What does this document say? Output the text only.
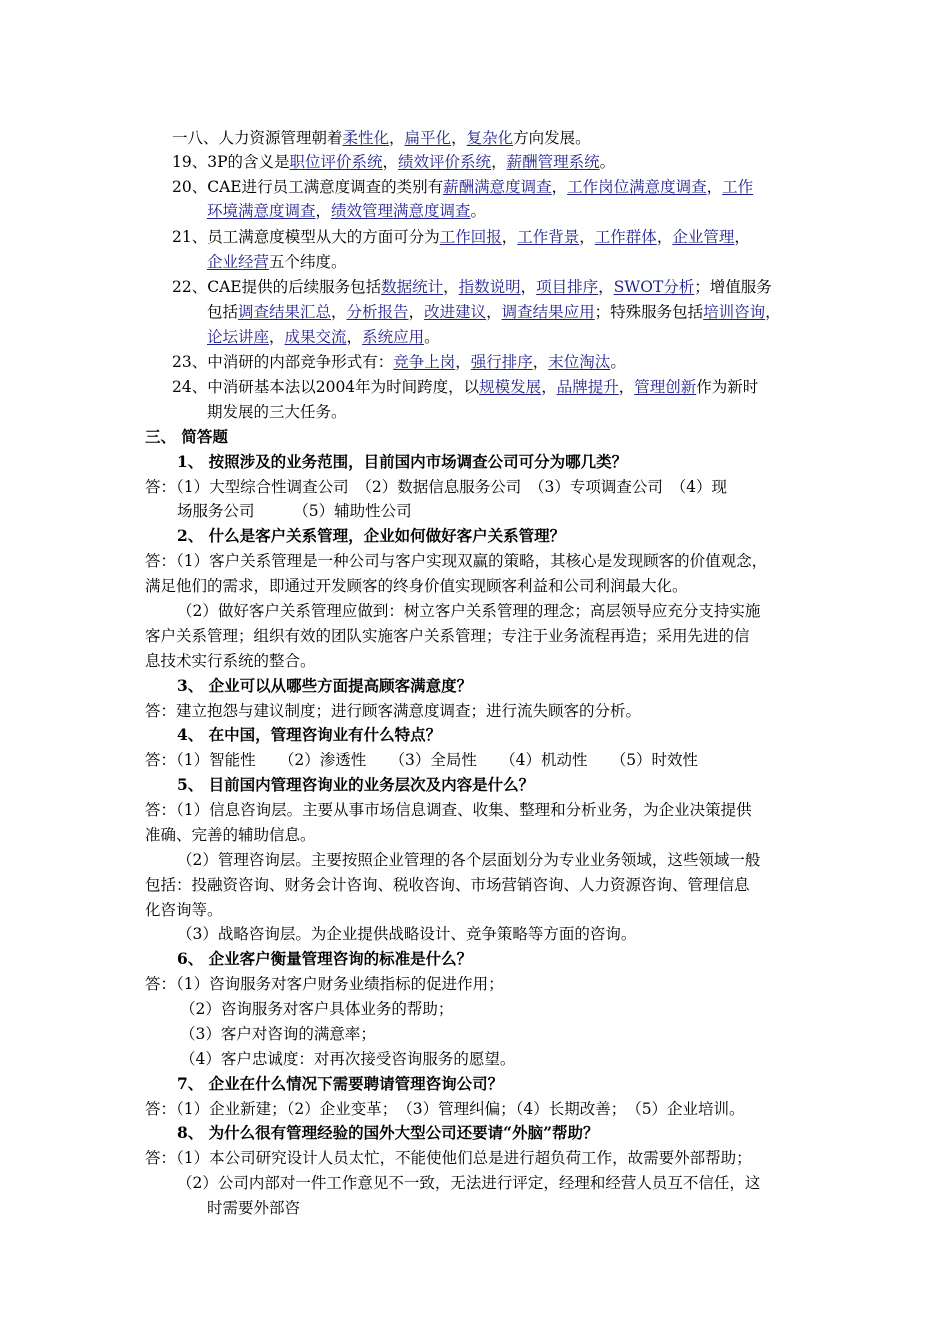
一八、人力资源管理朝着柔性化，扁平化，复杂化方向发展。
19、3P的含义是职位评价系统，绩效评价系统，薪酬管理系统。
20、CAE进行员工满意度调查的类别有薪酬满意度调查，工作岗位满意度调查，工作
环境满意度调查，绩效管理满意度调查。
21、员工满意度模型从大的方面可分为工作回报，工作背景，工作群体，企业管理，
企业经营五个纬度。
22、CAE提供的后续服务包括数据统计，指数说明，项目排序，SWOT分析；增值服务
包括调查结果汇总，分析报告，改进建议，调查结果应用；特殊服务包括培训咨询，
论坛讲座，成果交流，系统应用。
23、中消研的内部竞争形式有：竞争上岗，强行排序，末位淘汰。
24、中消研基本法以2004年为时间跨度，以规模发展，品牌提升，管理创新作为新时
期发展的三大任务。
三、 简答题
1、 按照涉及的业务范围，目前国内市场调查公司可分为哪几类？
答：（1）大型综合性调查公司　（2）数据信息服务公司　（3）专项调查公司　（4）现
场服务公司　　　（5）辅助性公司
2、 什么是客户关系管理，企业如何做好客户关系管理？
答：（1）客户关系管理是一种公司与客户实现双赢的策略，其核心是发现顾客的价值观念，
满足他们的需求，即通过开发顾客的终身价值实现顾客利益和公司利润最大化。
（2）做好客户关系管理应做到：树立客户关系管理的理念；高层领导应充分支持实施
客户关系管理；组织有效的团队实施客户关系管理；专注于业务流程再造；采用先进的信
息技术实行系统的整合。
3、 企业可以从哪些方面提高顾客满意度？
答：建立抱怨与建议制度；进行顾客满意度调查；进行流失顾客的分析。
4、 在中国，管理咨询业有什么特点？
答：（1）智能性　　（2）渗透性　　（3）全局性　　（4）机动性　　（5）时效性
5、 目前国内管理咨询业的业务层次及内容是什么？
答：（1）信息咨询层。主要从事市场信息调查、收集、整理和分析业务，为企业决策提供
准确、完善的辅助信息。
（2）管理咨询层。主要按照企业管理的各个层面划分为专业业务领域，这些领域一般
包括：投融资咨询、财务会计咨询、税收咨询、市场营销咨询、人力资源咨询、管理信息
化咨询等。
（3）战略咨询层。为企业提供战略设计、竞争策略等方面的咨询。
6、 企业客户衡量管理咨询的标准是什么？
答：（1）咨询服务对客户财务业绩指标的促进作用；
（2）咨询服务对客户具体业务的帮助；
（3）客户对咨询的满意率；
（4）客户忠诚度：对再次接受咨询服务的愿望。
7、 企业在什么情况下需要聘请管理咨询公司？
答：（1）企业新建；（2）企业变革；　（3）管理纠偏；（4）长期改善；　（5）企业培训。
8、 为什么很有管理经验的国外大型公司还要请“外脑”帮助？
答：（1）本公司研究设计人员太忙，不能使他们总是进行超负荷工作，故需要外部帮助；
（2）公司内部对一件工作意见不一致，无法进行评定，经理和经营人员互不信任，这
时需要外部咨
